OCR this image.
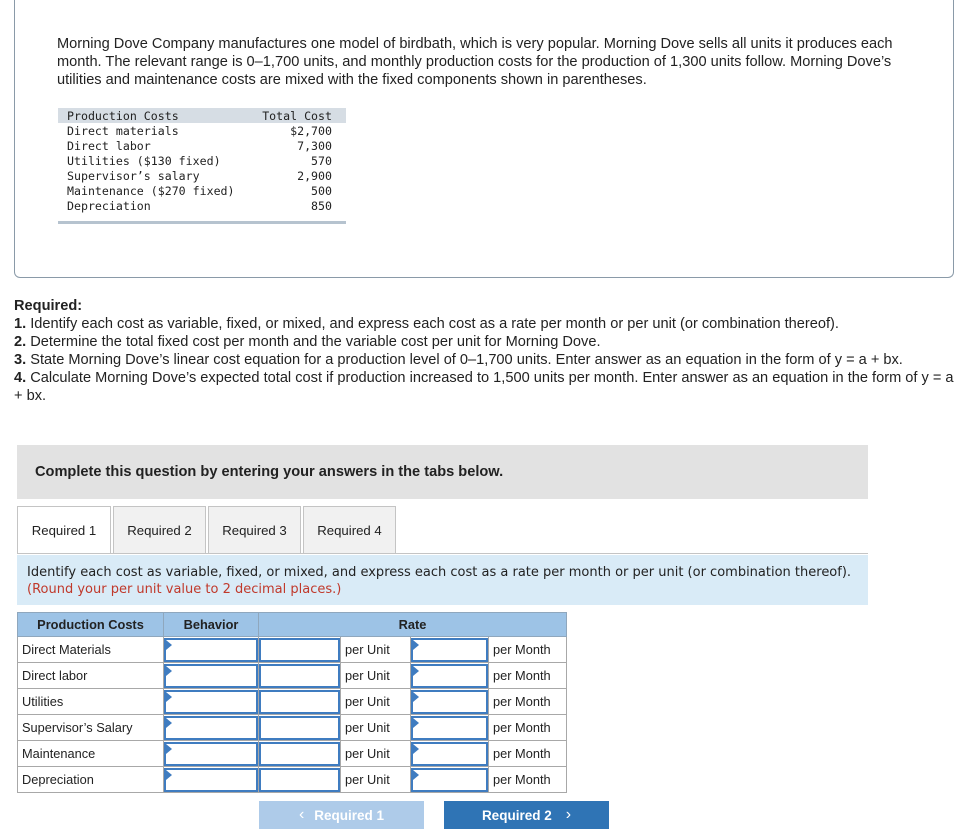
Morning Dove Company manufactures one model of birdbath, which is very popular. Morning Dove sells all units it produces each month. The relevant range is 0–1,700 units, and monthly production costs for the production of 1,300 units follow. Morning Dove’s utilities and maintenance costs are mixed with the fixed components shown in parentheses.
Production Costs	Total Cost
Direct materials	$2,700
Direct labor	7,300
Utilities ($130 fixed)	570
Supervisor’s salary	2,900
Maintenance ($270 fixed)	500
Depreciation	850
Required:
1. Identify each cost as variable, fixed, or mixed, and express each cost as a rate per month or per unit (or combination thereof).
2. Determine the total fixed cost per month and the variable cost per unit for Morning Dove.
3. State Morning Dove’s linear cost equation for a production level of 0–1,700 units. Enter answer as an equation in the form of y = a + bx.
4. Calculate Morning Dove’s expected total cost if production increased to 1,500 units per month. Enter answer as an equation in the form of y = a + bx.
Complete this question by entering your answers in the tabs below.
Required 1	Required 2	Required 3	Required 4
Identify each cost as variable, fixed, or mixed, and express each cost as a rate per month or per unit (or combination thereof). (Round your per unit value to 2 decimal places.)
Production Costs	Behavior	Rate			
Direct Materials			per Unit		per Month
Direct labor			per Unit		per Month
Utilities			per Unit		per Month
Supervisor’s Salary			per Unit		per Month
Maintenance			per Unit		per Month
Depreciation			per Unit		per Month
‹ Required 1	Required 2 ›
